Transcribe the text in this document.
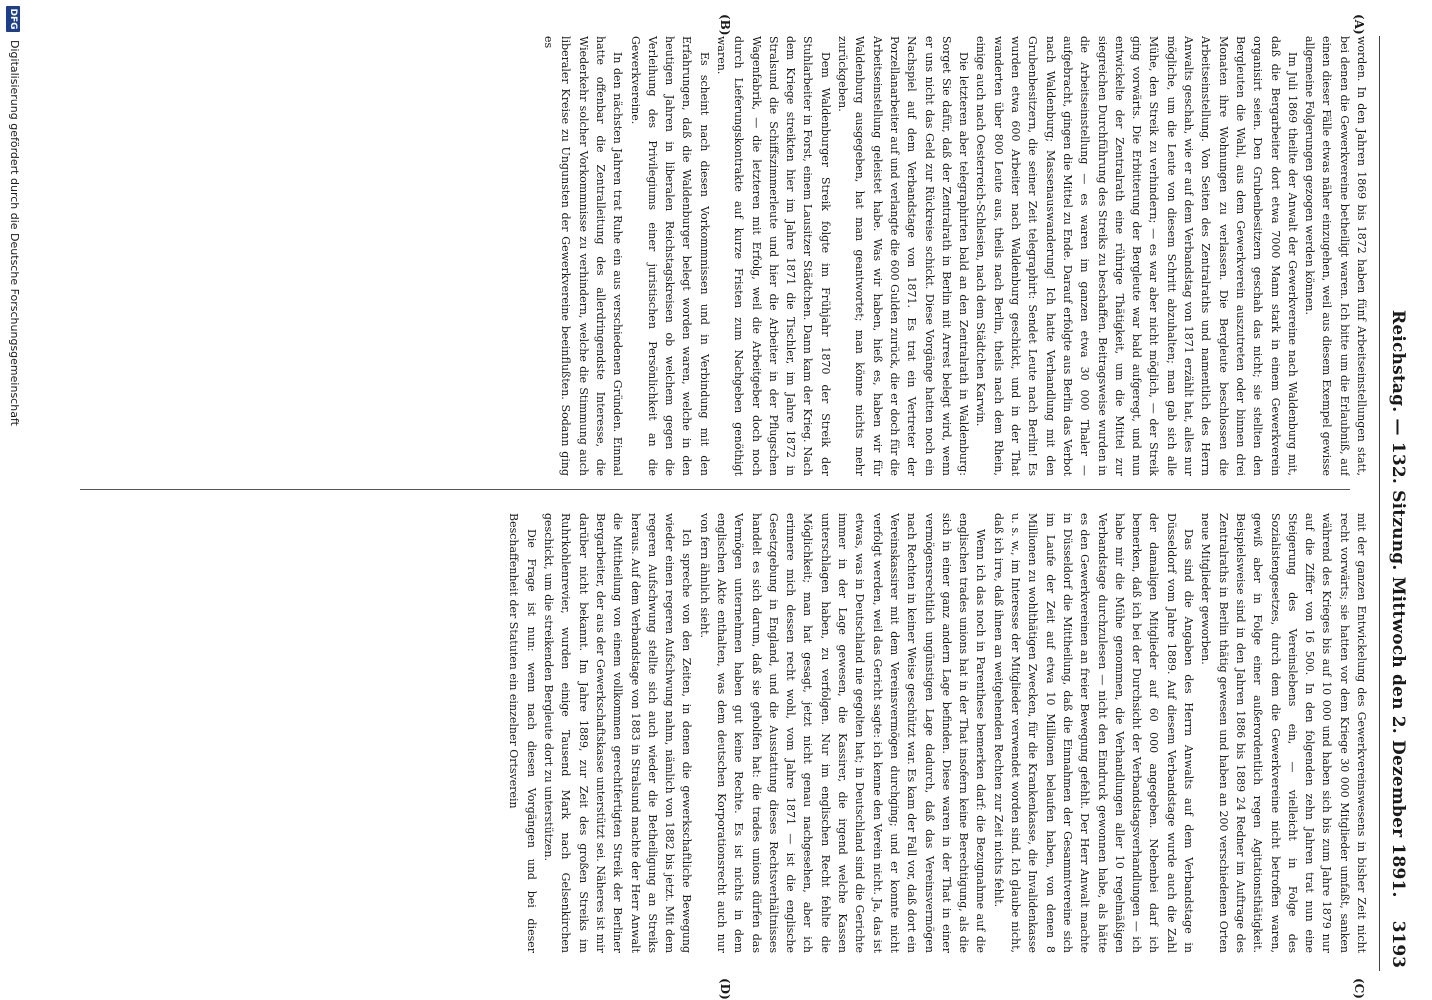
Reichstag. — 132. Sitzung. Mittwoch den 2. Dezember 1891.
3193
(A)
(B)
(C)
(D)

worden. In den Jahren 1869 bis 1872 haben fünf Arbeitseinstellungen statt, bei denen die Gewerkvereine betheiligt waren. Ich bitte um die Erlaubniß, auf einen dieser Fälle etwas näher einzugehen, weil aus diesem Exempel gewisse allgemeine Folgerungen gezogen werden können.

Im Juli 1869 theilte der Anwalt der Gewerkvereine nach Waldenburg mit, daß die Bergarbeiter dort etwa 7000 Mann stark in einem Gewerkverein organisirt seien. Den Grubenbesitzern geschah das nicht; sie stellten den Bergleuten die Wahl, aus dem Gewerkverein auszutreten oder binnen drei Monaten ihre Wohnungen zu verlassen. Die Bergleute beschlossen die Arbeitseinstellung. Von Seiten des Zentralraths und namentlich des Herrn Anwalts geschah, wie er auf dem Verbandstag von 1871 erzählt hat, alles nur mögliche, um die Leute von diesem Schritt abzuhalten; man gab sich alle Mühe, den Streik zu verhindern; — es war aber nicht möglich, — der Streik ging vorwärts. Die Erbitterung der Bergleute war bald aufgeregt, und nun entwickelte der Zentralrath eine rührige Thätigkeit, um die Mittel zur siegreichen Durchführung des Streiks zu beschaffen. Beitragsweise wurden in die Arbeitseinstellung — es waren im ganzen etwa 30 000 Thaler — aufgebracht, gingen die Mittel zu Ende. Darauf erfolgte aus Berlin das Verbot nach Waldenburg; Massenauswanderung! Ich hatte Verhandlung mit den Grubenbesitzern, die seiner Zeit telegraphirt: Sendet Leute nach Berlin! Es wurden etwa 600 Arbeiter nach Waldenburg geschickt, und in der That wanderten über 800 Leute aus, theils nach Berlin, theils nach dem Rhein, einige auch nach Oesterreich-Schlesien, nach dem Städtchen Karwin.

Die letzteren aber telegraphirten bald an den Zentralrath in Waldenburg: Sorget Sie dafür, daß der Zentralrath in Berlin mit Arrest belegt wird, wenn er uns nicht das Geld zur Rückreise schickt. Diese Vorgänge hatten noch ein Nachspiel auf dem Verbandstage von 1871. Es trat ein Vertreter der Porzellanarbeiter auf und verlangte die 600 Gulden zurück, die er doch für die Arbeitseinstellung geleistet habe. Was wir haben, hieß es, haben wir für Waldenburg ausgegeben, hat man geantwortet; man könne nichts mehr zurückgeben.

Dem Waldenburger Streik folgte im Frühjahr 1870 der Streik der Stuhlarbeiter in Forst, einem Lausitzer Städtchen. Dann kam der Krieg. Nach dem Kriege streikten hier im Jahre 1871 die Tischler, im Jahre 1872 in Stralsund die Schiffszimmerleute und hier die Arbeiter in der Pflugschen Wagenfabrik, — die letzteren mit Erfolg, weil die Arbeitgeber doch noch durch Lieferungskontrakte auf kurze Fristen zum Nachgeben genöthigt waren.

Es scheint nach diesen Vorkommnissen und in Verbindung mit den Erfahrungen, daß die Waldenburger belegt worden waren, welche in den heutigen Jahren in liberalen Reichstagskreisen ob welchem gegen die Verleihung des Privilegiums einer juristischen Persönlichkeit an die Gewerkvereine.

In den nächsten Jahren trat Ruhe ein aus verschiedenen Gründen. Einmal hatte offenbar die Zentralleitung des allerdringendste Interesse, die Wiederkehr solcher Vorkommnisse zu verhindern, welche die Stimmung auch liberaler Kreise zu Ungunsten der Gewerkvereine beeinflußten. Sodann ging es

mit der ganzen Entwickelung des Gewerkvereinswesens in bisher Zeit nicht recht vorwärts; sie hatten vor dem Kriege 30 000 Mitglieder umfaßt, sanken während des Krieges bis auf 10 000 und haben sich bis zum Jahre 1879 nur auf die Ziffer von 16 500. In den folgenden zehn Jahren trat nun eine Steigerung des Vereinslebens ein, — vielleicht in Folge des Sozialistengesetzes, durch dem die Gewerkvereine nicht betroffen waren, gewiß aber in Folge einer außerordentlich regen Agitationsthätigkeit. Beispielsweise sind in den Jahren 1886 bis 1889 24 Redner im Auftrage des Zentralraths in Berlin thätig gewesen und haben an 200 verschiedenen Orten neue Mitglieder geworben.

Das sind die Angaben des Herrn Anwalts auf dem Verbandstage in Düsseldorf vom Jahre 1889. Auf diesem Verbandstage wurde auch die Zahl der damaligen Mitglieder auf 60 000 angegeben. Nebenbei darf ich bemerken, daß ich bei der Durchsicht der Verbandstagsverhandlungen — ich habe mir die Mühe genommen, die Verhandlungen aller 10 regelmäßigen Verbandstage durchzulesen — nicht den Eindruck gewonnen habe, als hätte es den Gewerkvereinen an freier Bewegung gefehlt. Der Herr Anwalt machte in Düsseldorf die Mittheilung, daß die Einnahmen der Gesammtvereine sich im Laufe der Zeit auf etwa 10 Millionen belaufen haben, von denen 8 Millionen zu wohlthätigen Zwecken, für die Krankenkasse, die Invalidenkasse u. s. w., im Interesse der Mitglieder verwendet worden sind. Ich glaube nicht, daß ich irre, daß ihnen an weitgehenden Rechten zur Zeit nichts fehlt.

Wenn ich das noch in Parenthese bemerken darf: die Bezugnahme auf die englischen trades unions hat in der That insofern keine Berechtigung, als die sich in einer ganz andern Lage befinden. Diese waren in der That in einer vermögensrechtlich ungünstigen Lage dadurch, daß das Vereinsvermögen nach Rechten in keiner Weise geschützt war. Es kam der Fall vor, daß dort ein Vereinskassirer mit dem Vereinsvermögen durchging; und er konnte nicht verfolgt werden, weil das Gericht sagte: ich kenne den Verein nicht. Ja, das ist etwas, was in Deutschland nie gegolten hat; in Deutschland sind die Gerichte immer in der Lage gewesen, die Kassirer, die irgend welche Kassen unterschlagen haben, zu verfolgen. Nur im englischen Recht fehlte die Möglichkeit; man hat gesagt, jetzt nicht genau nachgesehen, aber ich erinnere mich dessen recht wohl, vom Jahre 1871 — ist die englische Gesetzgebung in England, und die Ausstattung dieses Rechtsverhältnisses handelt es sich darum, daß sie geholfen hat: die trades unions dürfen das Vermögen unternehmen haben gut keine Rechte. Es ist nichts in dem englischen Akte enthalten, was dem deutschen Korporationsrecht auch nur von fern ähnlich sieht.

Ich spreche von den Zeiten, in denen die gewerkschaftliche Bewegung wieder einen regeren Aufschwung nahm, nämlich von 1882 bis jetzt. Mit dem regeren Aufschwung stellte sich auch wieder die Betheiligung an Streiks heraus. Auf dem Verbandstage von 1883 in Stralsund machte der Herr Anwalt die Mittheilung von einem vollkommen gerechtfertigten Streik der Berliner Bergarbeiter, der aus der Gewerkschaftskasse unterstützt sei. Näheres ist mir darüber nicht bekannt. Im Jahre 1889, zur Zeit des großen Streiks im Ruhrkohlenrevier, wurden einige Tausend Mark nach Gelsenkirchen geschickt, um die streikenden Bergleute dort zu unterstützen.

Die Frage ist nun: wenn nach diesen Vorgängen und bei dieser Beschaffenheit der Statuten ein einzelner Ortsverein

DFG
Digitalisierung gefördert durch die Deutsche Forschungsgemeinschaft
